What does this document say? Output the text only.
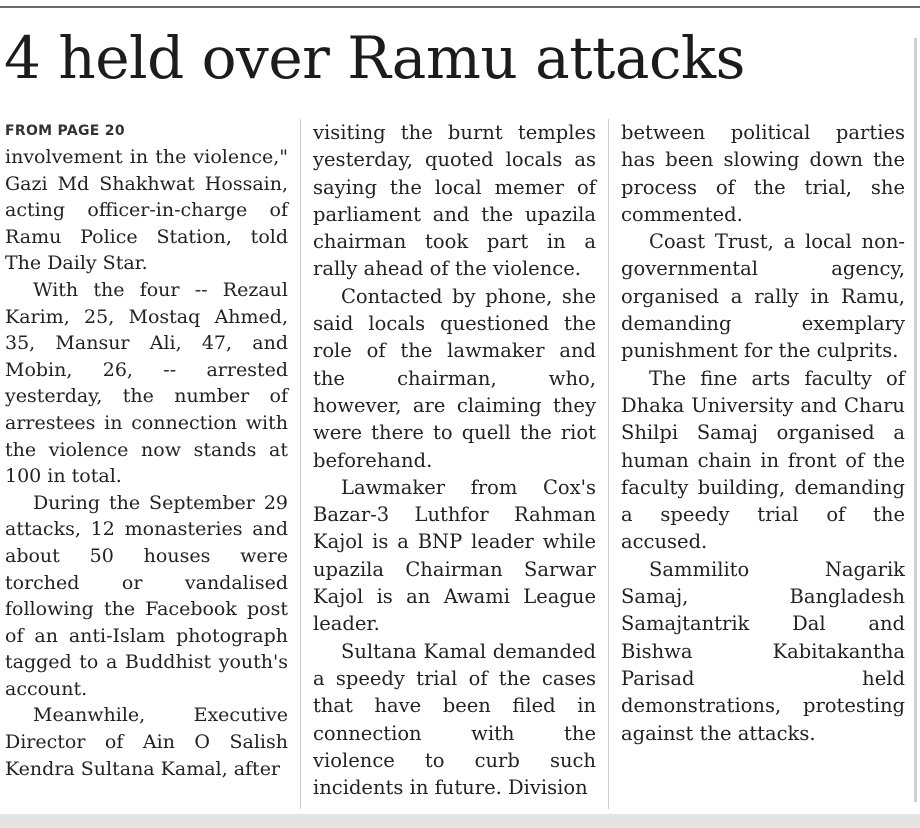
4 held over Ramu attacks
FROM PAGE 20

involvement in the violence," Gazi Md Shakhwat Hossain, acting officer-in-charge of Ramu Police Station, told The Daily Star.

With the four -- Rezaul Karim, 25, Mostaq Ahmed, 35, Mansur Ali, 47, and Mobin, 26, -- arrested yesterday, the number of arrestees in connection with the violence now stands at 100 in total.

During the September 29 attacks, 12 monasteries and about 50 houses were torched or vandalised following the Facebook post of an anti-Islam photograph tagged to a Buddhist youth's account.

Meanwhile, Executive Director of Ain O Salish Kendra Sultana Kamal, after

visiting the burnt temples yesterday, quoted locals as saying the local memer of parliament and the upazila chairman took part in a rally ahead of the violence.

Contacted by phone, she said locals questioned the role of the lawmaker and the chairman, who, however, are claiming they were there to quell the riot beforehand.

Lawmaker from Cox's Bazar-3 Luthfor Rahman Kajol is a BNP leader while upazila Chairman Sarwar Kajol is an Awami League leader.

Sultana Kamal demanded a speedy trial of the cases that have been filed in connection with the violence to curb such incidents in future. Division

between political parties has been slowing down the process of the trial, she commented.

Coast Trust, a local non-governmental agency, organised a rally in Ramu, demanding exemplary punishment for the culprits.

The fine arts faculty of Dhaka University and Charu Shilpi Samaj organised a human chain in front of the faculty building, demanding a speedy trial of the accused.

Sammilito Nagarik Samaj, Bangladesh Samajtantrik Dal and Bishwa Kabitakantha Parisad held demonstrations, protesting against the attacks.
